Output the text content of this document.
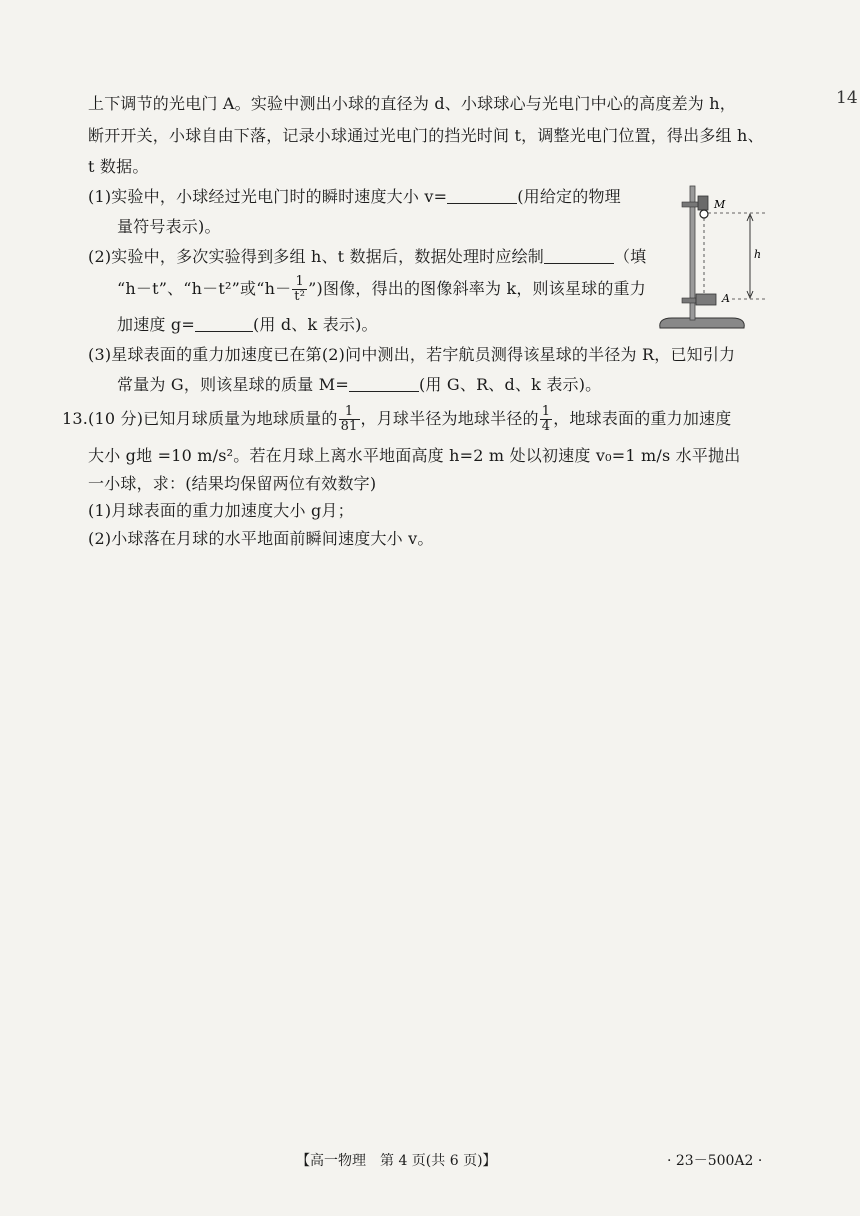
14
上下调节的光电门 A。实验中测出小球的直径为 d、小球球心与光电门中心的高度差为 h，
断开开关，小球自由下落，记录小球通过光电门的挡光时间 t，调整光电门位置，得出多组 h、
t 数据。
(1)实验中，小球经过光电门时的瞬时速度大小 v=	(用给定的物理
量符号表示)。
(2)实验中，多次实验得到多组 h、t 数据后，数据处理时应绘制	（填
“h－t”、“h－t²”或“$h- \frac{1}{\text{t²}}$ ”)图像，得出的图像斜率为 k，则该星球的重力
加速度 g=	(用 d、k 表示)。
(3)星球表面的重力加速度已在第(2)问中测出，若宇航员测得该星球的半径为 R，已知引力
常量为 G，则该星球的质量 M=	(用 G、R、d、k 表示)。
13.(10 分)已知月球质量为地球质量的 $\frac{1}{81}$ ，月球半径为地球半径的 $\frac{1}{4}$ ，地球表面的重力加速度
大小 g地 =10 m/s²。若在月球上离水平地面高度 h=2 m 处以初速度 v₀=1 m/s 水平抛出
一小球，求：(结果均保留两位有效数字)
(1)月球表面的重力加速度大小 g月；
(2)小球落在月球的水平地面前瞬间速度大小 v。
M
A
h
【高一物理　第 4 页(共 6 页)】	· 23－500A2 ·
